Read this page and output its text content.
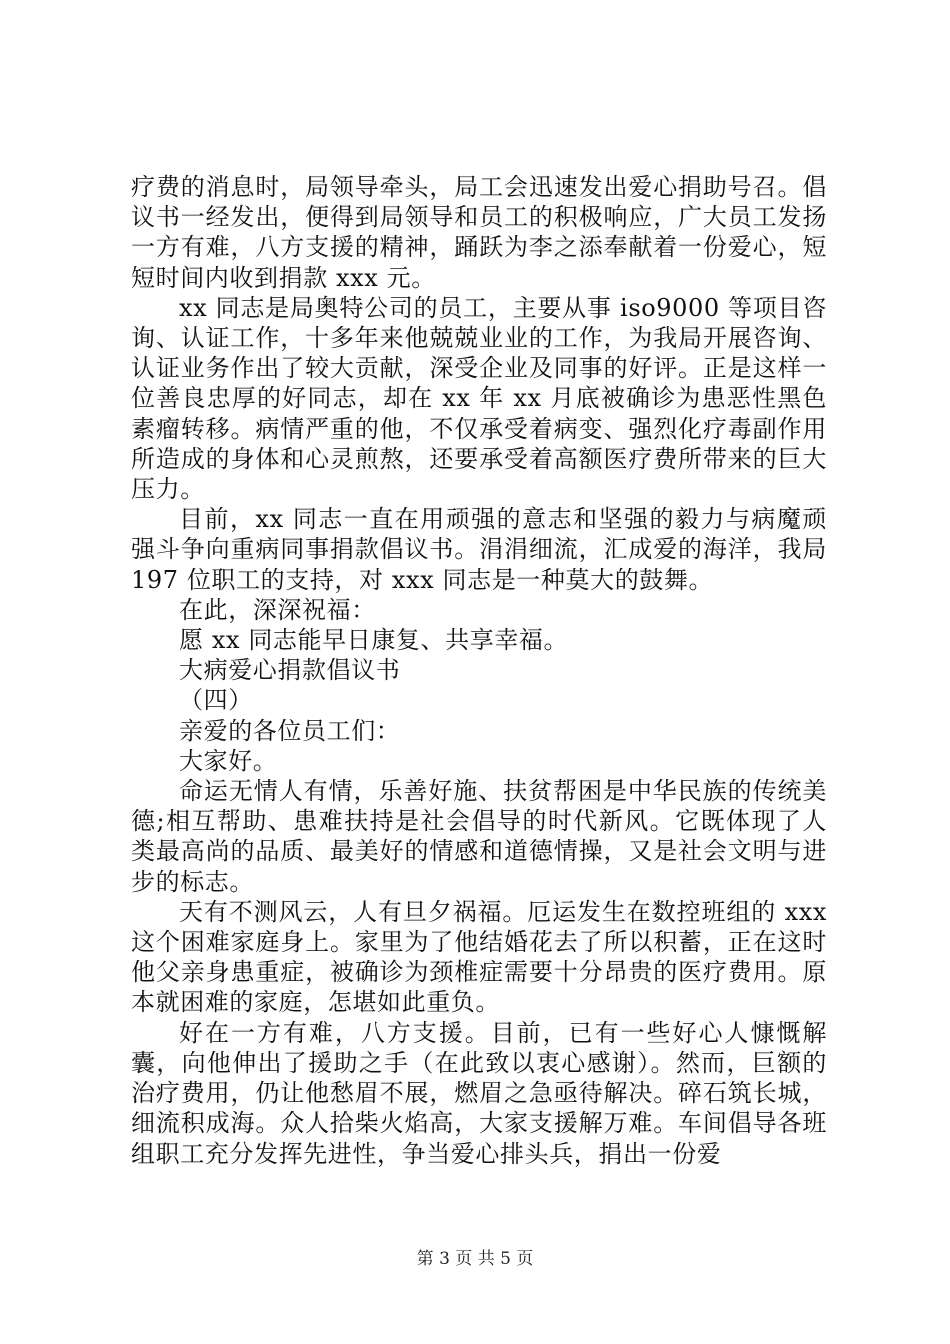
疗费的消息时，局领导牵头，局工会迅速发出爱心捐助号召。倡议书一经发出，便得到局领导和员工的积极响应，广大员工发扬一方有难，八方支援的精神，踊跃为李之添奉献着一份爱心，短短时间内收到捐款 xxx 元。

xx 同志是局奥特公司的员工，主要从事 iso9000 等项目咨询、认证工作，十多年来他兢兢业业的工作，为我局开展咨询、认证业务作出了较大贡献，深受企业及同事的好评。正是这样一位善良忠厚的好同志，却在 xx 年 xx 月底被确诊为患恶性黑色素瘤转移。病情严重的他，不仅承受着病变、强烈化疗毒副作用所造成的身体和心灵煎熬，还要承受着高额医疗费所带来的巨大压力。

目前，xx 同志一直在用顽强的意志和坚强的毅力与病魔顽强斗争向重病同事捐款倡议书。涓涓细流，汇成爱的海洋，我局 197 位职工的支持，对 xxx 同志是一种莫大的鼓舞。

在此，深深祝福：

愿 xx 同志能早日康复、共享幸福。

大病爱心捐款倡议书

（四）

亲爱的各位员工们：

大家好。

命运无情人有情，乐善好施、扶贫帮困是中华民族的传统美德;相互帮助、患难扶持是社会倡导的时代新风。它既体现了人类最高尚的品质、最美好的情感和道德情操，又是社会文明与进步的标志。

天有不测风云，人有旦夕祸福。厄运发生在数控班组的 xxx 这个困难家庭身上。家里为了他结婚花去了所以积蓄，正在这时他父亲身患重症，被确诊为颈椎症需要十分昂贵的医疗费用。原本就困难的家庭，怎堪如此重负。

好在一方有难，八方支援。目前，已有一些好心人慷慨解囊，向他伸出了援助之手（在此致以衷心感谢）。然而，巨额的治疗费用，仍让他愁眉不展，燃眉之急亟待解决。碎石筑长城，细流积成海。众人拾柴火焰高，大家支援解万难。车间倡导各班组职工充分发挥先进性，争当爱心排头兵，捐出一份爱

第 3 页 共 5 页
